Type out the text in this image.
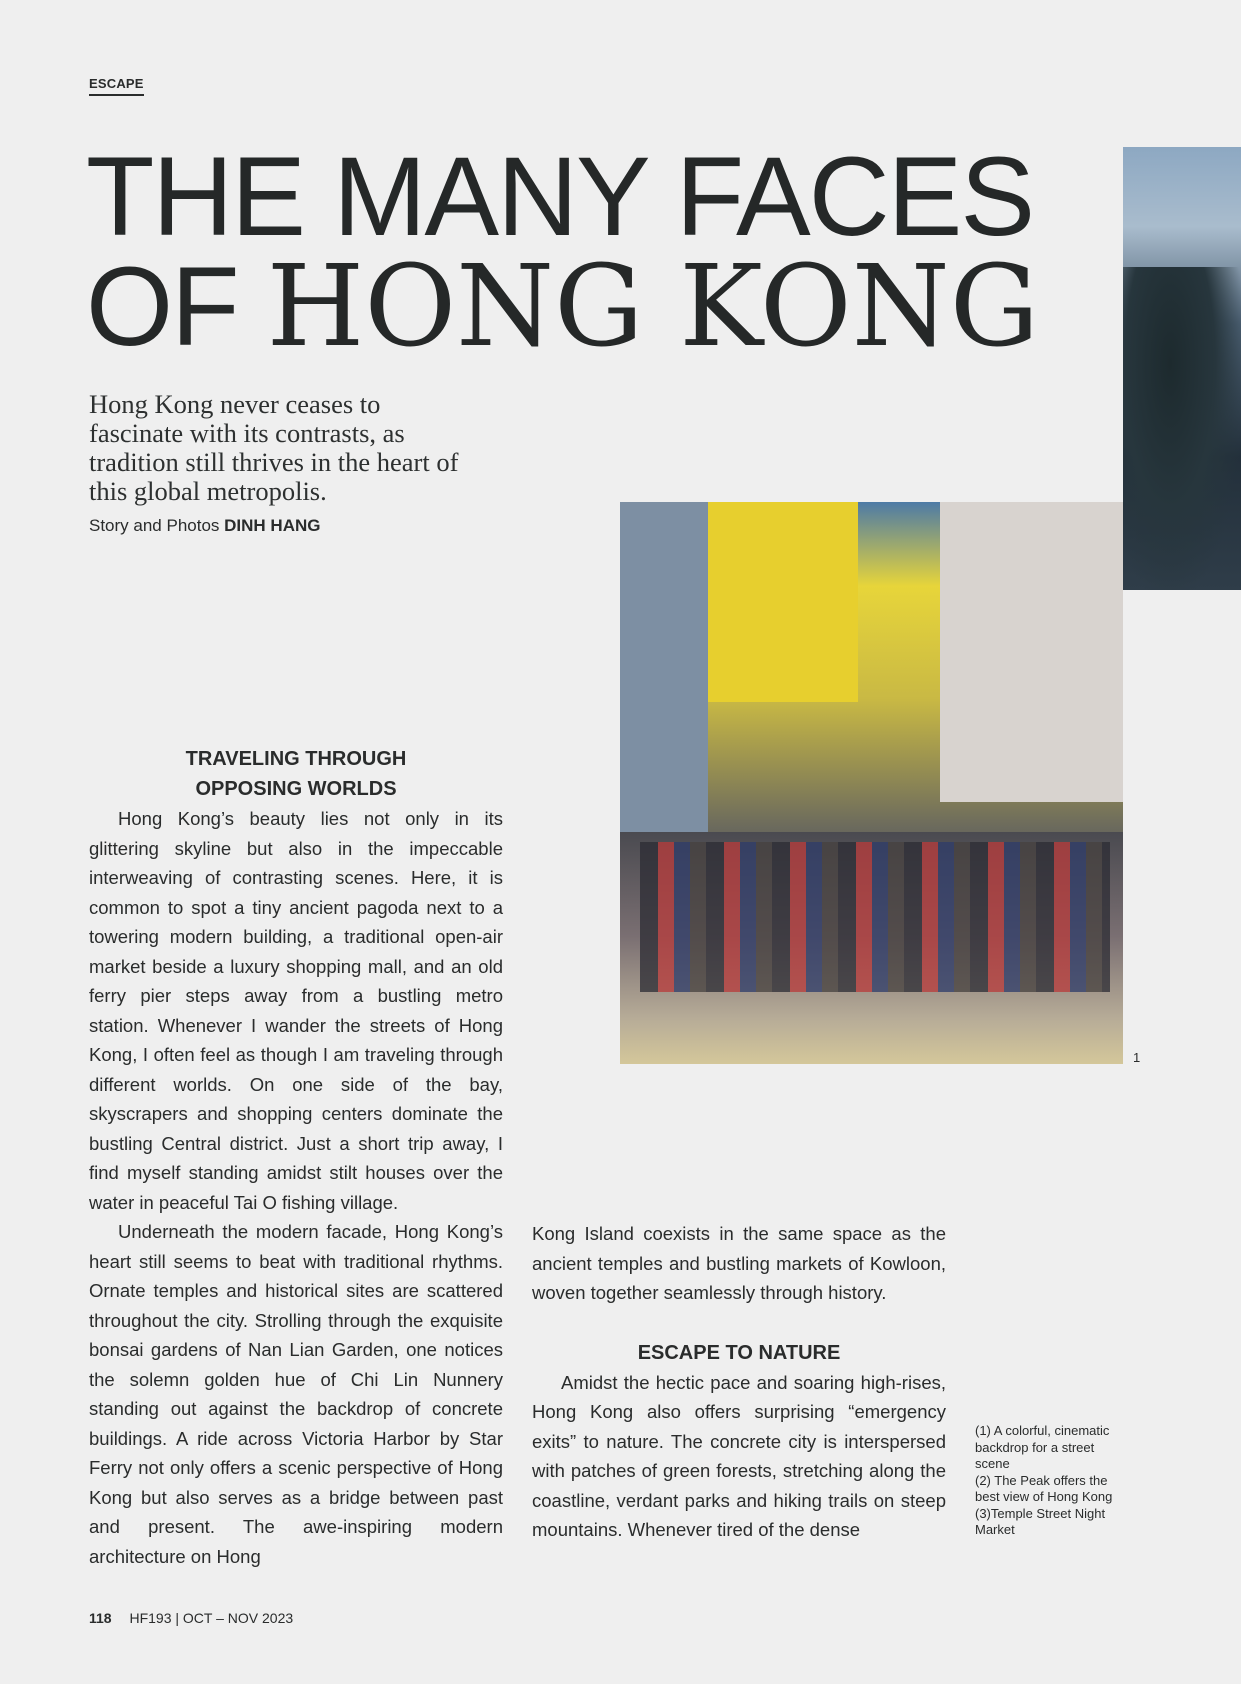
ESCAPE
THE MANY FACES
OF HONG KONG
Hong Kong never ceases to fascinate with its contrasts, as tradition still thrives in the heart of this global metropolis.
Story and Photos DINH HANG
1
TRAVELING THROUGH
OPPOSING WORLDS

Hong Kong’s beauty lies not only in its glittering skyline but also in the impeccable interweaving of contrasting scenes. Here, it is common to spot a tiny ancient pagoda next to a towering modern building, a traditional open-air market beside a luxury shopping mall, and an old ferry pier steps away from a bustling metro station. Whenever I wander the streets of Hong Kong, I often feel as though I am traveling through different worlds. On one side of the bay, skyscrapers and shopping centers dominate the bustling Central district. Just a short trip away, I find myself standing amidst stilt houses over the water in peaceful Tai O fishing village.

Underneath the modern facade, Hong Kong’s heart still seems to beat with traditional rhythms. Ornate temples and historical sites are scattered throughout the city. Strolling through the exquisite bonsai gardens of Nan Lian Garden, one notices the solemn golden hue of Chi Lin Nunnery standing out against the backdrop of concrete buildings. A ride across Victoria Harbor by Star Ferry not only offers a scenic perspective of Hong Kong but also serves as a bridge between past and present. The awe-inspiring modern architecture on Hong

Kong Island coexists in the same space as the ancient temples and bustling markets of Kowloon, woven together seamlessly through history.

ESCAPE TO NATURE

Amidst the hectic pace and soaring high-rises, Hong Kong also offers surprising “emergency exits” to nature. The concrete city is interspersed with patches of green forests, stretching along the coastline, verdant parks and hiking trails on steep mountains. Whenever tired of the dense

(1) A colorful, cinematic backdrop for a street scene
(2) The Peak offers the best view of Hong Kong
(3)Temple Street Night Market
118 HF193 | OCT – NOV 2023
